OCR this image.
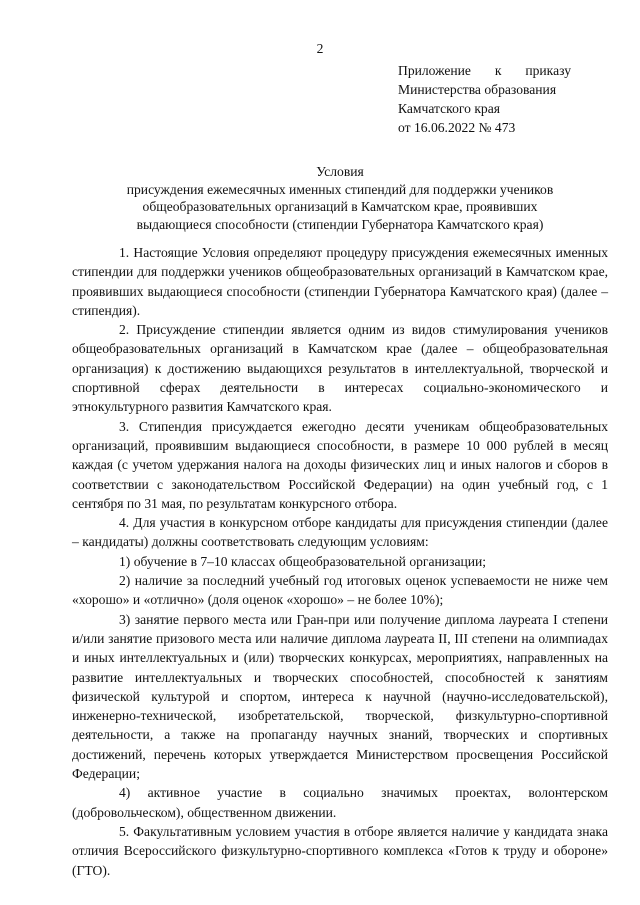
2
Приложение к приказу
Министерства образования
Камчатского края
от 16.06.2022 № 473
Условия
присуждения ежемесячных именных стипендий для поддержки учеников
общеобразовательных организаций в Камчатском крае, проявивших
выдающиеся способности (стипендии Губернатора Камчатского края)

1. Настоящие Условия определяют процедуру присуждения ежемесячных именных стипендии для поддержки учеников общеобразовательных организаций в Камчатском крае, проявивших выдающиеся способности (стипендии Губернатора Камчатского края) (далее – стипендия).

2. Присуждение стипендии является одним из видов стимулирования учеников общеобразовательных организаций в Камчатском крае (далее – общеобразовательная организация) к достижению выдающихся результатов в интеллектуальной, творческой и спортивной сферах деятельности в интересах социально-экономического и этнокультурного развития Камчатского края.

3. Стипендия присуждается ежегодно десяти ученикам общеобразовательных организаций, проявившим выдающиеся способности, в размере 10 000 рублей в месяц каждая (с учетом удержания налога на доходы физических лиц и иных налогов и сборов в соответствии с законодательством Российской Федерации) на один учебный год, с 1 сентября по 31 мая, по результатам конкурсного отбора.

4. Для участия в конкурсном отборе кандидаты для присуждения стипендии (далее – кандидаты) должны соответствовать следующим условиям:

1) обучение в 7–10 классах общеобразовательной организации;

2) наличие за последний учебный год итоговых оценок успеваемости не ниже чем «хорошо» и «отлично» (доля оценок «хорошо» – не более 10%);

3) занятие первого места или Гран-при или получение диплома лауреата I степени и/или занятие призового места или наличие диплома лауреата II, III степени на олимпиадах и иных интеллектуальных и (или) творческих конкурсах, мероприятиях, направленных на развитие интеллектуальных и творческих способностей, способностей к занятиям физической культурой и спортом, интереса к научной (научно-исследовательской), инженерно-технической, изобретательской, творческой, физкультурно-спортивной деятельности, а также на пропаганду научных знаний, творческих и спортивных достижений, перечень которых утверждается Министерством просвещения Российской Федерации;

4) активное участие в социально значимых проектах, волонтерском (добровольческом), общественном движении.

5. Факультативным условием участия в отборе является наличие у кандидата знака отличия Всероссийского физкультурно-спортивного комплекса «Готов к труду и обороне» (ГТО).
